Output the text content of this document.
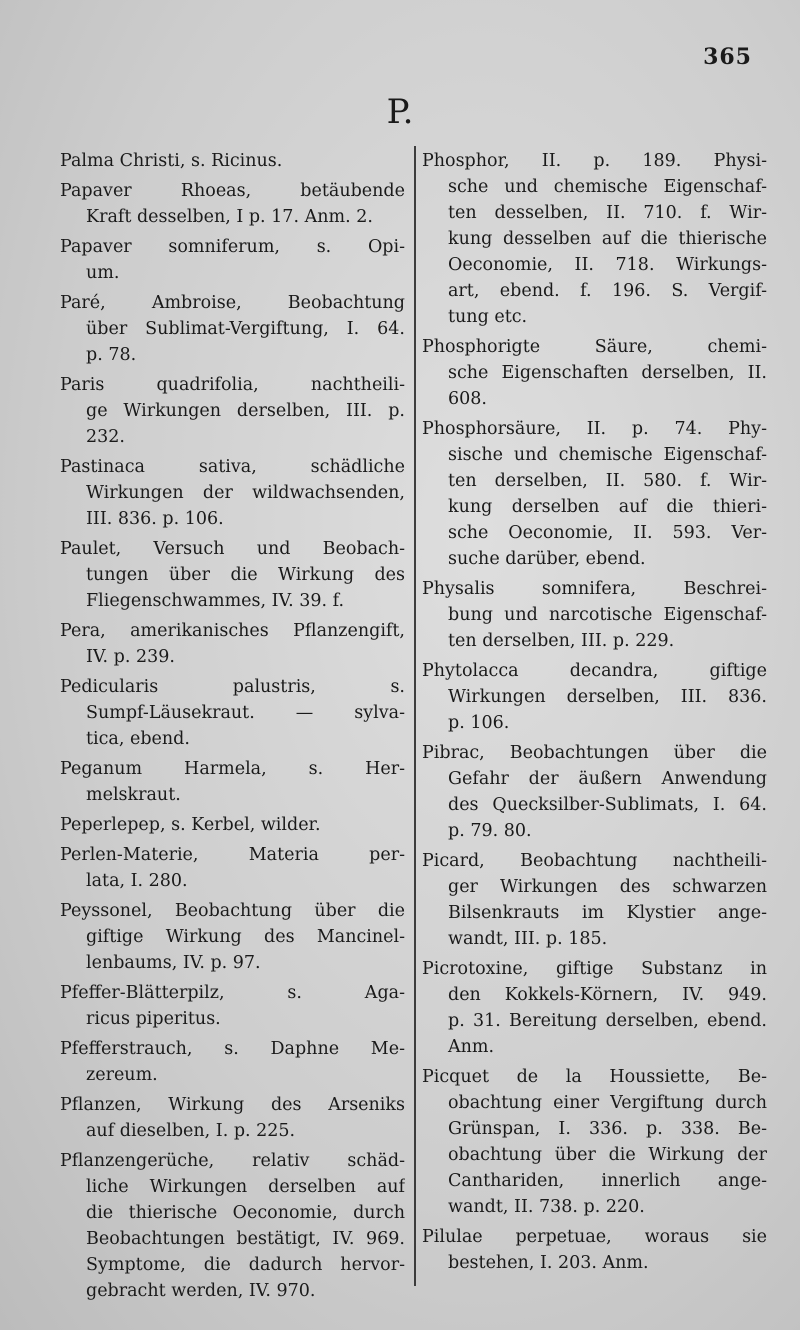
365
P.
Palma Christi, s. Ricinus.
Papaver Rhoeas, betäubende
Kraft desselben, I p. 17. Anm. 2.
Papaver somniferum, s. Opi-
um.
Paré, Ambroise, Beobachtung
über Sublimat-Vergiftung, I. 64.
p. 78.
Paris quadrifolia, nachtheili-
ge Wirkungen derselben, III. p.
232.
Pastinaca sativa, schädliche
Wirkungen der wildwachsenden,
III. 836. p. 106.
Paulet, Versuch und Beobach-
tungen über die Wirkung des
Fliegenschwammes, IV. 39. f.
Pera, amerikanisches Pflanzengift,
IV. p. 239.
Pedicularis palustris, s.
Sumpf-Läusekraut. — sylva-
tica, ebend.
Peganum Harmela, s. Her-
melskraut.
Peperlepep, s. Kerbel, wilder.
Perlen-Materie, Materia per-
lata, I. 280.
Peyssonel, Beobachtung über die
giftige Wirkung des Mancinel-
lenbaums, IV. p. 97.
Pfeffer-Blätterpilz, s. Aga-
ricus piperitus.
Pfefferstrauch, s. Daphne Me-
zereum.
Pflanzen, Wirkung des Arseniks
auf dieselben, I. p. 225.
Pflanzengerüche, relativ schäd-
liche Wirkungen derselben auf
die thierische Oeconomie, durch
Beobachtungen bestätigt, IV. 969.
Symptome, die dadurch hervor-
gebracht werden, IV. 970.
Phosphor, II. p. 189. Physi-
sche und chemische Eigenschaf-
ten desselben, II. 710. f. Wir-
kung desselben auf die thierische
Oeconomie, II. 718. Wirkungs-
art, ebend. f. 196. S. Vergif-
tung etc.
Phosphorigte Säure, chemi-
sche Eigenschaften derselben, II.
608.
Phosphorsäure, II. p. 74. Phy-
sische und chemische Eigenschaf-
ten derselben, II. 580. f. Wir-
kung derselben auf die thieri-
sche Oeconomie, II. 593. Ver-
suche darüber, ebend.
Physalis somnifera, Beschrei-
bung und narcotische Eigenschaf-
ten derselben, III. p. 229.
Phytolacca decandra, giftige
Wirkungen derselben, III. 836.
p. 106.
Pibrac, Beobachtungen über die
Gefahr der äußern Anwendung
des Quecksilber-Sublimats, I. 64.
p. 79. 80.
Picard, Beobachtung nachtheili-
ger Wirkungen des schwarzen
Bilsenkrauts im Klystier ange-
wandt, III. p. 185.
Picrotoxine, giftige Substanz in
den Kokkels-Körnern, IV. 949.
p. 31. Bereitung derselben, ebend.
Anm.
Picquet de la Houssiette, Be-
obachtung einer Vergiftung durch
Grünspan, I. 336. p. 338. Be-
obachtung über die Wirkung der
Canthariden, innerlich ange-
wandt, II. 738. p. 220.
Pilulae perpetuae, woraus sie
bestehen, I. 203. Anm.
